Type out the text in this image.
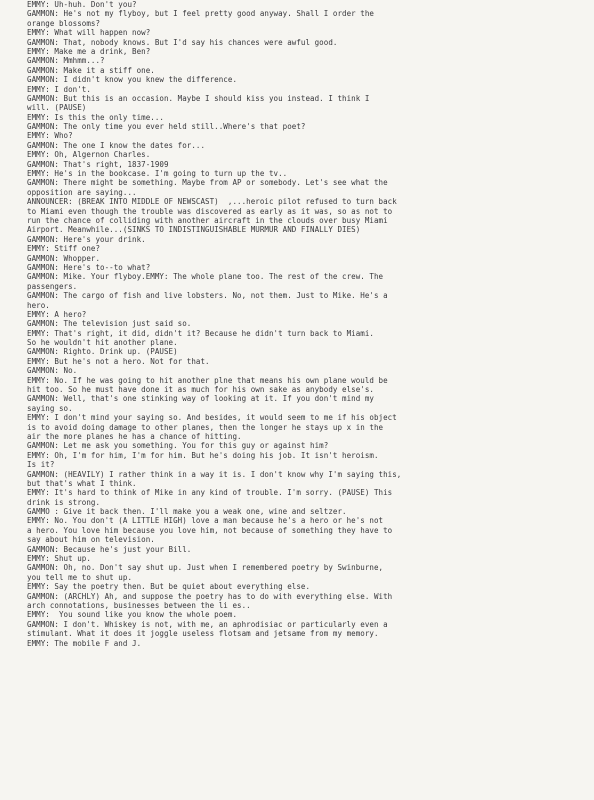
EMMY: Uh-huh. Don't you?
GAMMON: He's not my flyboy, but I feel pretty good anyway. Shall I order the
orange blossoms?
EMMY: What will happen now?
GAMMON: That, nobody knows. But I'd say his chances were awful good.
EMMY: Make me a drink, Ben?
GAMMON: Mmhmm...?
GAMMON: Make it a stiff one.
GAMMON: I didn't know you knew the difference.
EMMY: I don't.
GAMMON: But this is an occasion. Maybe I should kiss you instead. I think I
will. (PAUSE)
EMMY: Is this the only time...
GAMMON: The only time you ever held still..Where's that poet?
EMMY: Who?
GAMMON: The one I know the dates for...
EMMY: Oh, Algernon Charles.
GAMMON: That's right, 1837-1909
EMMY: He's in the bookcase. I'm going to turn up the tv..
GAMMON: There might be something. Maybe from AP or somebody. Let's see what the
opposition are saying...
ANNOUNCER: (BREAK INTO MIDDLE OF NEWSCAST)  ,...heroic pilot refused to turn back
to Miami even though the trouble was discovered as early as it was, so as not to
run the chance of colliding with another aircraft in the clouds over busy Miami
Airport. Meanwhile...(SINKS TO INDISTINGUISHABLE MURMUR AND FINALLY DIES)
GAMMON: Here's your drink.
EMMY: Stiff one?
GAMMON: Whopper.
GAMMON: Here's to--to what?
GAMMON: Mike. Your flyboy.EMMY: The whole plane too. The rest of the crew. The
passengers.
GAMMON: The cargo of fish and live lobsters. No, not them. Just to Mike. He's a
hero.
EMMY: A hero?
GAMMON: The television just said so.
EMMY: That's right, it did, didn't it? Because he didn't turn back to Miami.
So he wouldn't hit another plane.
GAMMON: Righto. Drink up. (PAUSE)
EMMY: But he's not a hero. Not for that.
GAMMON: No.
EMMY: No. If he was going to hit another plne that means his own plane would be
hit too. So he must have done it as much for his own sake as anybody else's.
GAMMON: Well, that's one stinking way of looking at it. If you don't mind my
saying so.
EMMY: I don't mind your saying so. And besides, it would seem to me if his object
is to avoid doing damage to other planes, then the longer he stays up x in the
air the more planes he has a chance of hitting.
GAMMON: Let me ask you something. You for this guy or against him?
EMMY: Oh, I'm for him, I'm for him. But he's doing his job. It isn't heroism.
Is it?
GAMMON: (HEAVILY) I rather think in a way it is. I don't know why I'm saying this,
but that's what I think.
EMMY: It's hard to think of Mike in any kind of trouble. I'm sorry. (PAUSE) This
drink is strong.
GAMMO : Give it back then. I'll make you a weak one, wine and seltzer.
EMMY: No. You don't (A LITTLE HIGH) love a man because he's a hero or he's not
a hero. You love him because you love him, not because of something they have to
say about him on television.
GAMMON: Because he's just your Bill.
EMMY: Shut up.
GAMMON: Oh, no. Don't say shut up. Just when I remembered poetry by Swinburne,
you tell me to shut up.
EMMY: Say the poetry then. But be quiet about everything else.
GAMMON: (ARCHLY) Ah, and suppose the poetry has to do with everything else. With
arch connotations, businesses between the li es..
EMMY:  You sound like you know the whole poem.
GAMMON: I don't. Whiskey is not, with me, an aphrodisiac or particularly even a
stimulant. What it does it joggle useless flotsam and jetsame from my memory.
EMMY: The mobile F and J.
